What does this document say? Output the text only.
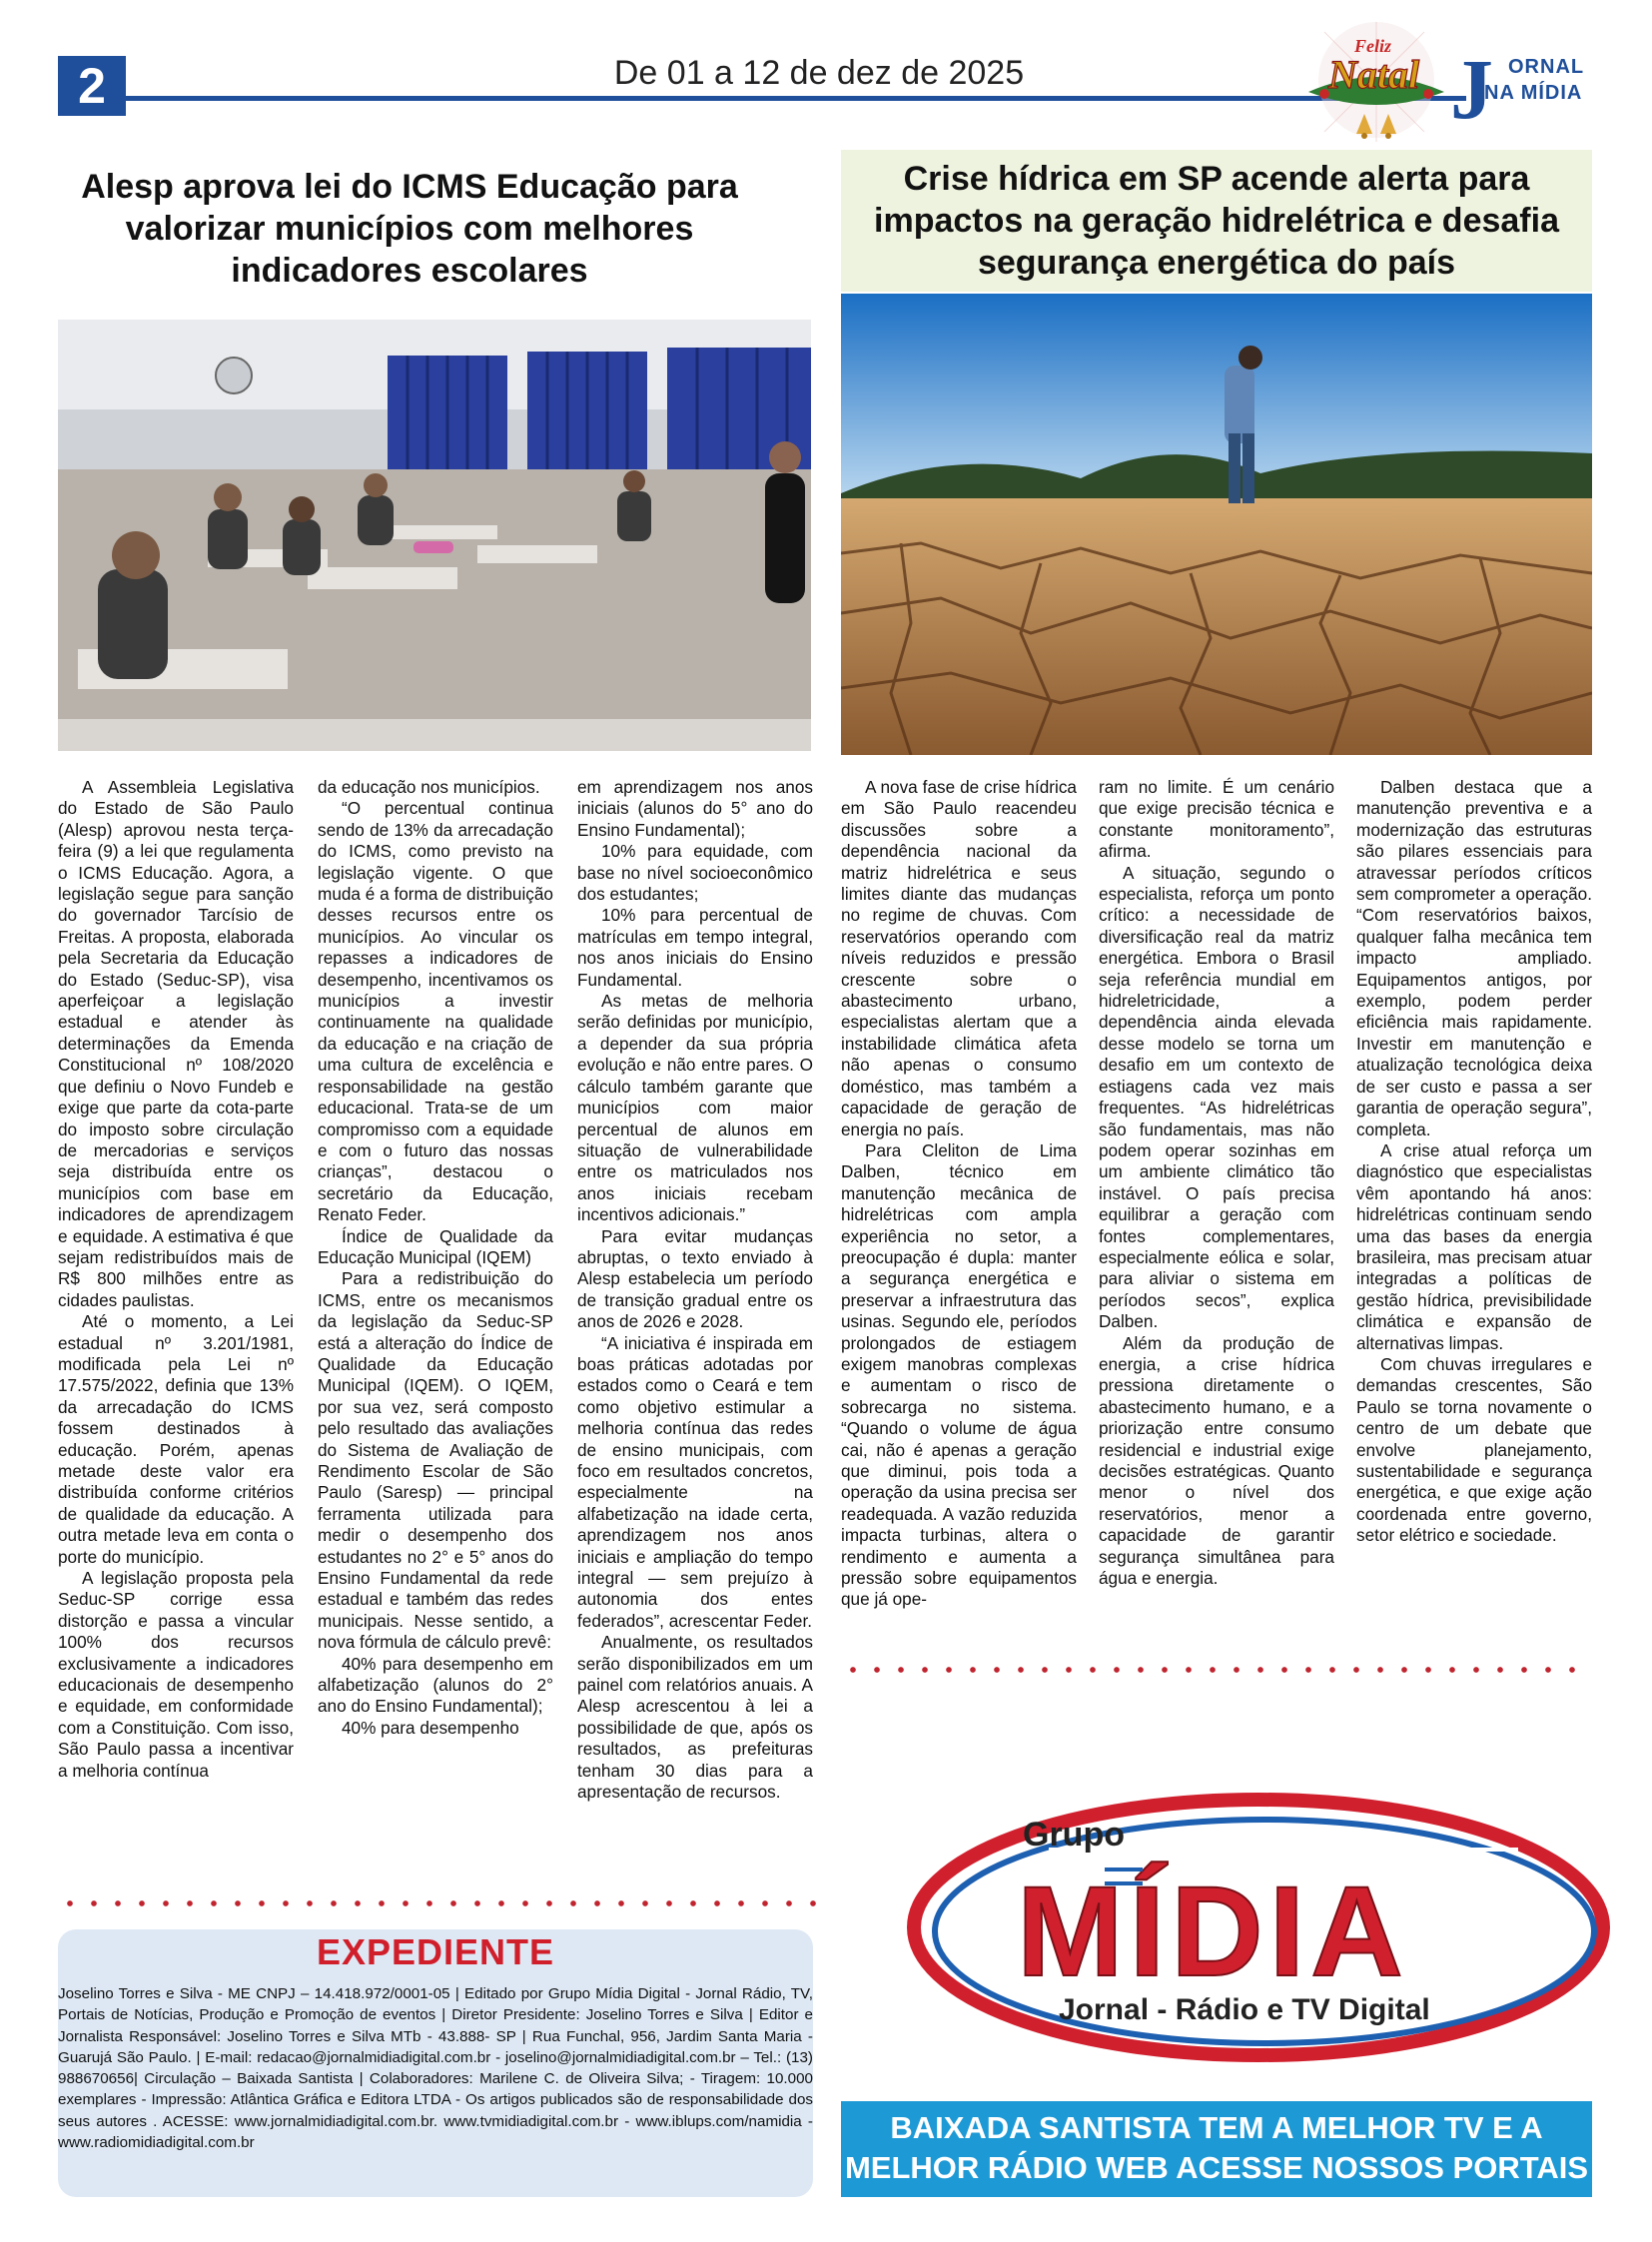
2	De 01 a 12 de dez de 2025
Feliz
Natal J ORNAL
NA MÍDIA
Alesp aprova lei do ICMS Educação para valorizar municípios com melhores indicadores escolares
Crise hídrica em SP acende alerta para impactos na geração hidrelétrica e desafia segurança energética do país

A Assembleia Legislativa do Estado de São Paulo (Alesp) aprovou nesta terça-feira (9) a lei que regulamenta o ICMS Educação. Agora, a legislação segue para sanção do governador Tarcísio de Freitas. A proposta, elaborada pela Secretaria da Educação do Estado (Seduc-SP), visa aperfeiçoar a legislação estadual e atender às determinações da Emenda Constitucional nº 108/2020 que definiu o Novo Fundeb e exige que parte da cota-parte do imposto sobre circulação de mercadorias e serviços seja distribuída entre os municípios com base em indicadores de aprendizagem e equidade. A estimativa é que sejam redistribuídos mais de R$ 800 milhões entre as cidades paulistas.

Até o momento, a Lei estadual nº 3.201/1981, modificada pela Lei nº 17.575/2022, definia que 13% da arrecadação do ICMS fossem destinados à educação. Porém, apenas metade deste valor era distribuída conforme critérios de qualidade da educação. A outra metade leva em conta o porte do município.

A legislação proposta pela Seduc-SP corrige essa distorção e passa a vincular 100% dos recursos exclusivamente a indicadores educacionais de desempenho e equidade, em conformidade com a Constituição. Com isso, São Paulo passa a incentivar a melhoria contínua

da educação nos municípios.

“O percentual continua sendo de 13% da arrecadação do ICMS, como previsto na legislação vigente. O que muda é a forma de distribuição desses recursos entre os municípios. Ao vincular os repasses a indicadores de desempenho, incentivamos os municípios a investir continuamente na qualidade da educação e na criação de uma cultura de excelência e responsabilidade na gestão educacional. Trata-se de um compromisso com a equidade e com o futuro das nossas crianças”, destacou o secretário da Educação, Renato Feder.

Índice de Qualidade da Educação Municipal (IQEM)

Para a redistribuição do ICMS, entre os mecanismos da legislação da Seduc-SP está a alteração do Índice de Qualidade da Educação Municipal (IQEM). O IQEM, por sua vez, será composto pelo resultado das avaliações do Sistema de Avaliação de Rendimento Escolar de São Paulo (Saresp) — principal ferramenta utilizada para medir o desempenho dos estudantes no 2° e 5° anos do Ensino Fundamental da rede estadual e também das redes municipais. Nesse sentido, a nova fórmula de cálculo prevê:

40% para desempenho em alfabetização (alunos do 2° ano do Ensino Fundamental);

40% para desempenho

em aprendizagem nos anos iniciais (alunos do 5° ano do Ensino Fundamental);

10% para equidade, com base no nível socioeconômico dos estudantes;

10% para percentual de matrículas em tempo integral, nos anos iniciais do Ensino Fundamental.

As metas de melhoria serão definidas por município, a depender da sua própria evolução e não entre pares. O cálculo também garante que municípios com maior percentual de alunos em situação de vulnerabilidade entre os matriculados nos anos iniciais recebam incentivos adicionais.”

Para evitar mudanças abruptas, o texto enviado à Alesp estabelecia um período de transição gradual entre os anos de 2026 e 2028.

“A iniciativa é inspirada em boas práticas adotadas por estados como o Ceará e tem como objetivo estimular a melhoria contínua das redes de ensino municipais, com foco em resultados concretos, especialmente na alfabetização na idade certa, aprendizagem nos anos iniciais e ampliação do tempo integral — sem prejuízo à autonomia dos entes federados”, acrescentar Feder.

Anualmente, os resultados serão disponibilizados em um painel com relatórios anuais. A Alesp acrescentou à lei a possibilidade de que, após os resultados, as prefeituras tenham 30 dias para a apresentação de recursos.

A nova fase de crise hídrica em São Paulo reacendeu discussões sobre a dependência nacional da matriz hidrelétrica e seus limites diante das mudanças no regime de chuvas. Com reservatórios operando com níveis reduzidos e pressão crescente sobre o abastecimento urbano, especialistas alertam que a instabilidade climática afeta não apenas o consumo doméstico, mas também a capacidade de geração de energia no país.

Para Cleliton de Lima Dalben, técnico em manutenção mecânica de hidrelétricas com ampla experiência no setor, a preocupação é dupla: manter a segurança energética e preservar a infraestrutura das usinas. Segundo ele, períodos prolongados de estiagem exigem manobras complexas e aumentam o risco de sobrecarga no sistema. “Quando o volume de água cai, não é apenas a geração que diminui, pois toda a operação da usina precisa ser readequada. A vazão reduzida impacta turbinas, altera o rendimento e aumenta a pressão sobre equipamentos que já ope-

ram no limite. É um cenário que exige precisão técnica e constante monitoramento”, afirma.

A situação, segundo o especialista, reforça um ponto crítico: a necessidade de diversificação real da matriz energética. Embora o Brasil seja referência mundial em hidreletricidade, a dependência ainda elevada desse modelo se torna um desafio em um contexto de estiagens cada vez mais frequentes. “As hidrelétricas são fundamentais, mas não podem operar sozinhas em um ambiente climático tão instável. O país precisa equilibrar a geração com fontes complementares, especialmente eólica e solar, para aliviar o sistema em períodos secos”, explica Dalben.

Além da produção de energia, a crise hídrica pressiona diretamente o abastecimento humano, e a priorização entre consumo residencial e industrial exige decisões estratégicas. Quanto menor o nível dos reservatórios, menor a capacidade de garantir segurança simultânea para água e energia.

Dalben destaca que a manutenção preventiva e a modernização das estruturas são pilares essenciais para atravessar períodos críticos sem comprometer a operação. “Com reservatórios baixos, qualquer falha mecânica tem impacto ampliado. Equipamentos antigos, por exemplo, podem perder eficiência mais rapidamente. Investir em manutenção e atualização tecnológica deixa de ser custo e passa a ser garantia de operação segura”, completa.

A crise atual reforça um diagnóstico que especialistas vêm apontando há anos: hidrelétricas continuam sendo uma das bases da energia brasileira, mas precisam atuar integradas a políticas de gestão hídrica, previsibilidade climática e expansão de alternativas limpas.

Com chuvas irregulares e demandas crescentes, São Paulo se torna novamente o centro de um debate que envolve planejamento, sustentabilidade e segurança energética, e que exige ação coordenada entre governo, setor elétrico e sociedade.

EXPEDIENTE
Joselino Torres e Silva - ME CNPJ – 14.418.972/0001-05 | Editado por Grupo Mídia Digital - Jornal Rádio, TV, Portais de Notícias, Produção e Promoção de eventos | Diretor Presidente: Joselino Torres e Silva | Editor e Jornalista Responsável: Joselino Torres e Silva MTb - 43.888- SP | Rua Funchal, 956, Jardim Santa Maria - Guarujá São Paulo. | E-mail: redacao@jornalmidiadigital.com.br - joselino@jornalmidiadigital.com.br – Tel.: (13) 988670656| Circulação – Baixada Santista | Colaboradores: Marilene C. de Oliveira Silva; - Tiragem: 10.000 exemplares - Impressão: Atlântica Gráfica e Editora LTDA - Os artigos publicados são de responsabilidade dos seus autores . ACESSE: www.jornalmidiadigital.com.br. www.tvmidiadigital.com.br - www.iblups.com/namidia - www.radiomidiadigital.com.br
Grupo
MÍDIA
Jornal - Rádio e TV Digital
BAIXADA SANTISTA TEM A MELHOR TV E A
MELHOR RÁDIO WEB ACESSE NOSSOS PORTAIS
